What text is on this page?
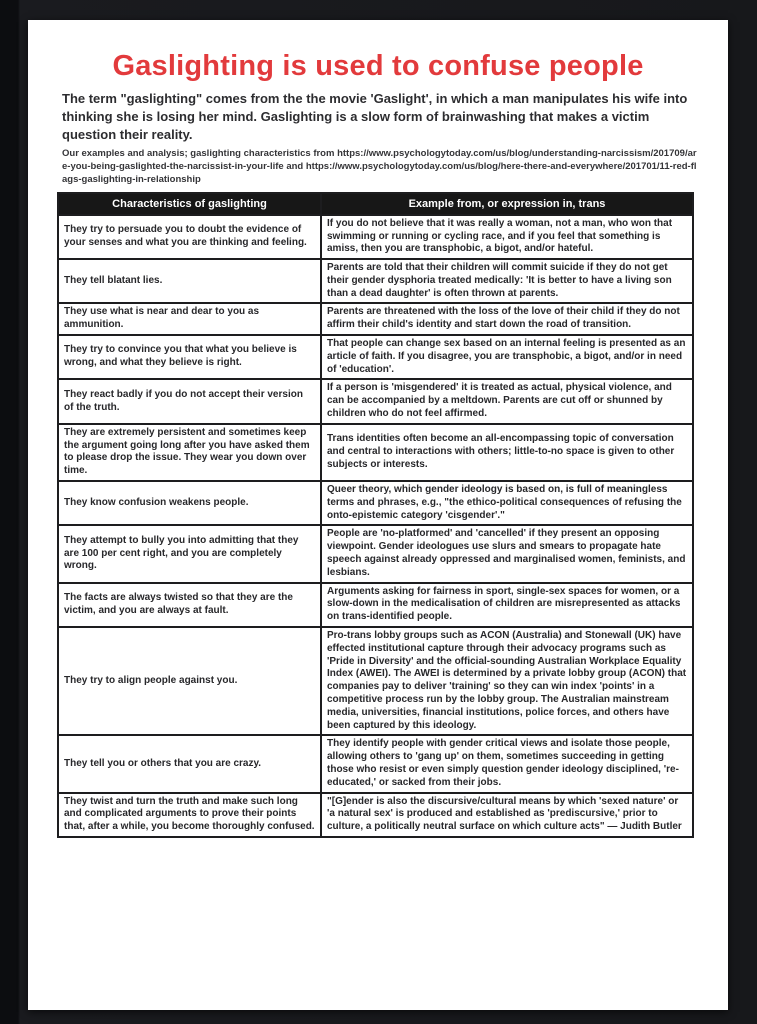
Gaslighting is used to confuse people

The term "gaslighting" comes from the the movie 'Gaslight', in which a man manipulates his wife into thinking she is losing her mind. Gaslighting is a slow form of brainwashing that makes a victim question their reality.

Our examples and analysis; gaslighting characteristics from https://www.psychologytoday.com/us/blog/understanding-narcissism/201709/are-you-being-gaslighted-the-narcissist-in-your-life and https://www.psychologytoday.com/us/blog/here-there-and-everywhere/201701/11-red-flags-gaslighting-in-relationship

Characteristics of gaslighting	Example from, or expression in, trans
They try to persuade you to doubt the evidence of your senses and what you are thinking and feeling.	If you do not believe that it was really a woman, not a man, who won that swimming or running or cycling race, and if you feel that something is amiss, then you are transphobic, a bigot, and/or hateful.
They tell blatant lies.	Parents are told that their children will commit suicide if they do not get their gender dysphoria treated medically: 'It is better to have a living son than a dead daughter' is often thrown at parents.
They use what is near and dear to you as ammunition.	Parents are threatened with the loss of the love of their child if they do not affirm their child's identity and start down the road of transition.
They try to convince you that what you believe is wrong, and what they believe is right.	That people can change sex based on an internal feeling is presented as an article of faith. If you disagree, you are transphobic, a bigot, and/or in need of 'education'.
They react badly if you do not accept their version of the truth.	If a person is 'misgendered' it is treated as actual, physical violence, and can be accompanied by a meltdown. Parents are cut off or shunned by children who do not feel affirmed.
They are extremely persistent and sometimes keep the argument going long after you have asked them to please drop the issue. They wear you down over time.	Trans identities often become an all-encompassing topic of conversation and central to interactions with others; little-to-no space is given to other subjects or interests.
They know confusion weakens people.	Queer theory, which gender ideology is based on, is full of meaningless terms and phrases, e.g., "the ethico-political consequences of refusing the onto-epistemic category 'cisgender'."
They attempt to bully you into admitting that they are 100 per cent right, and you are completely wrong.	People are 'no-platformed' and 'cancelled' if they present an opposing viewpoint. Gender ideologues use slurs and smears to propagate hate speech against already oppressed and marginalised women, feminists, and lesbians.
The facts are always twisted so that they are the victim, and you are always at fault.	Arguments asking for fairness in sport, single-sex spaces for women, or a slow-down in the medicalisation of children are misrepresented as attacks on trans-identified people.
They try to align people against you.	Pro-trans lobby groups such as ACON (Australia) and Stonewall (UK) have effected institutional capture through their advocacy programs such as 'Pride in Diversity' and the official-sounding Australian Workplace Equality Index (AWEI). The AWEI is determined by a private lobby group (ACON) that companies pay to deliver 'training' so they can win index 'points' in a competitive process run by the lobby group. The Australian mainstream media, universities, financial institutions, police forces, and others have been captured by this ideology.
They tell you or others that you are crazy.	They identify people with gender critical views and isolate those people, allowing others to 'gang up' on them, sometimes succeeding in getting those who resist or even simply question gender ideology disciplined, 're-educated,' or sacked from their jobs.
They twist and turn the truth and make such long and complicated arguments to prove their points that, after a while, you become thoroughly confused.	"[G]ender is also the discursive/cultural means by which 'sexed nature' or 'a natural sex' is produced and established as 'prediscursive,' prior to culture, a politically neutral surface on which culture acts" — Judith Butler
